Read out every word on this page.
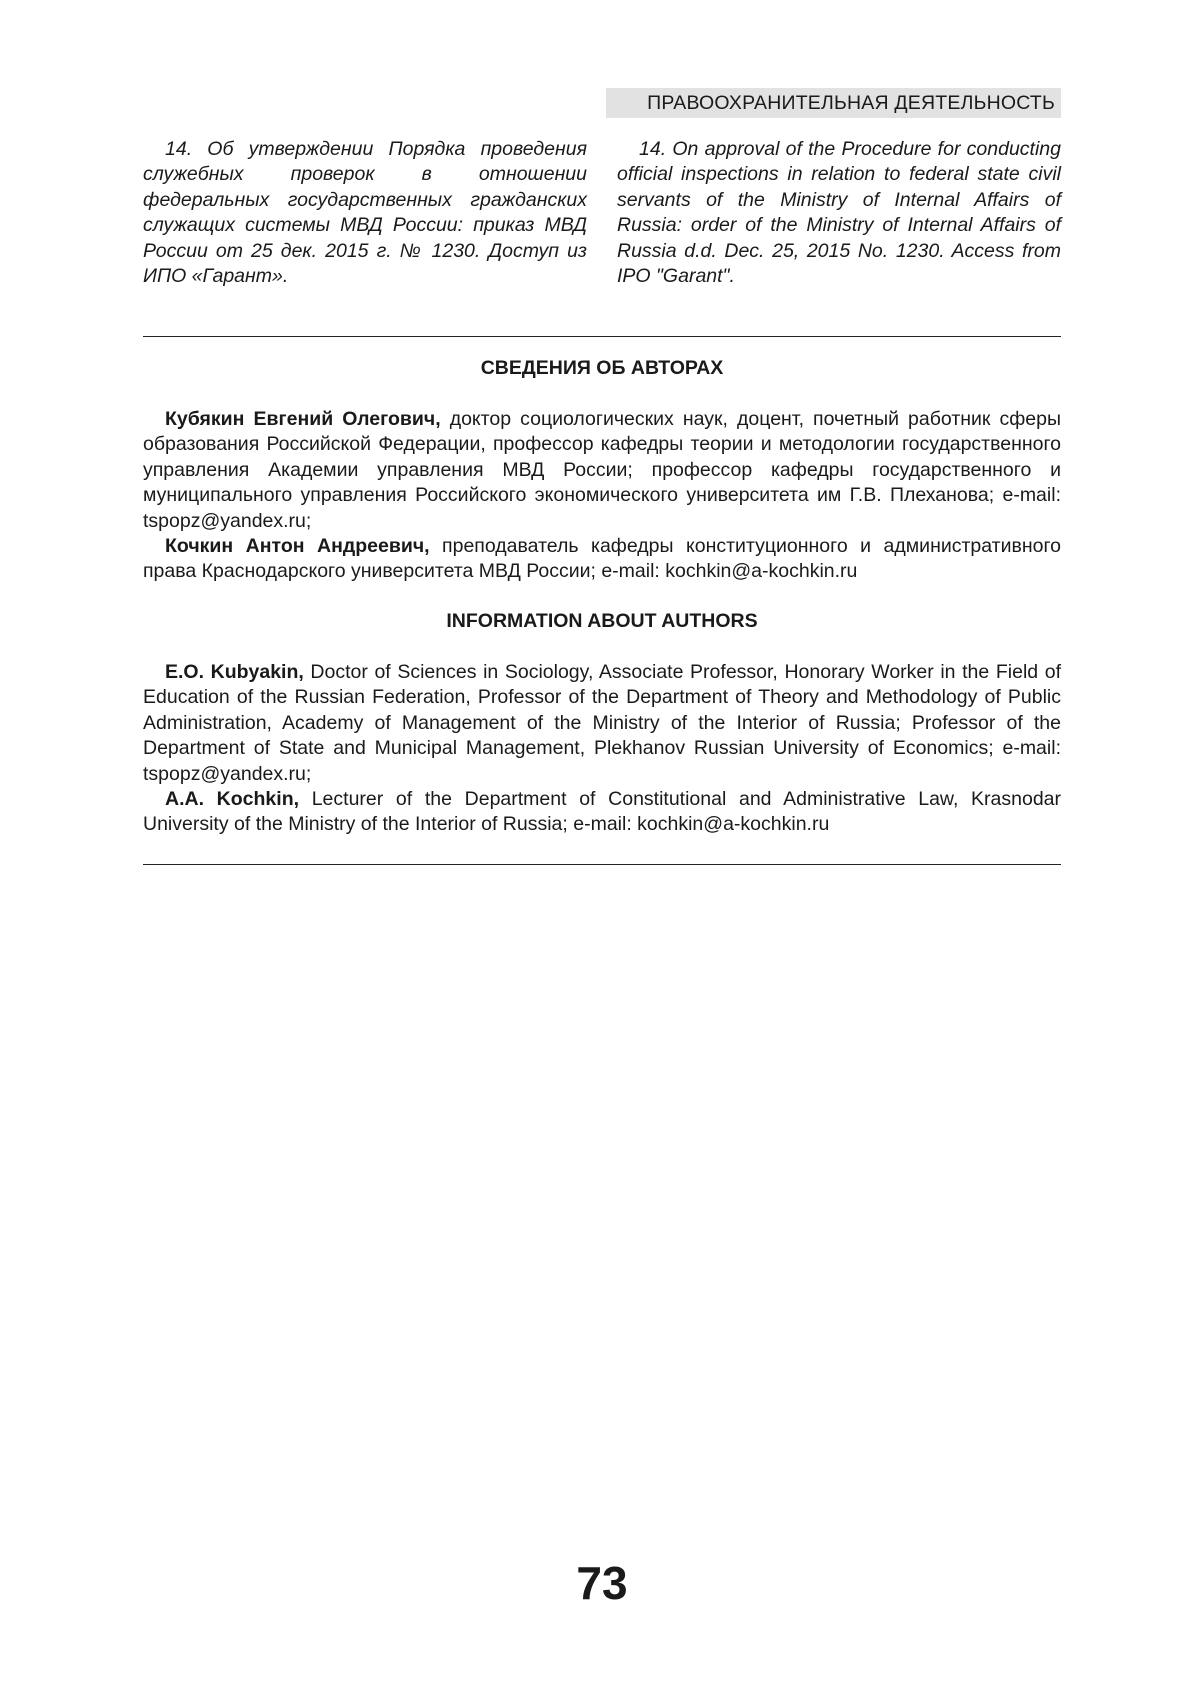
ПРАВООХРАНИТЕЛЬНАЯ ДЕЯТЕЛЬНОСТЬ

14. Об утверждении Порядка проведения служебных проверок в отношении федеральных государственных гражданских служащих системы МВД России: приказ МВД России от 25 дек. 2015 г. № 1230. Доступ из ИПО «Гарант».

14. On approval of the Procedure for conducting official inspections in relation to federal state civil servants of the Ministry of Internal Affairs of Russia: order of the Ministry of Internal Affairs of Russia d.d. Dec. 25, 2015 No. 1230. Access from IPO "Garant".

СВЕДЕНИЯ ОБ АВТОРАХ

Кубякин Евгений Олегович, доктор социологических наук, доцент, почетный работник сферы образования Российской Федерации, профессор кафедры теории и методологии государственного управления Академии управления МВД России; профессор кафедры государственного и муниципального управления Российского экономического университета им Г.В. Плеханова; e-mail: tspopz@yandex.ru;

Кочкин Антон Андреевич, преподаватель кафедры конституционного и административного права Краснодарского университета МВД России; e-mail: kochkin@a-kochkin.ru

INFORMATION ABOUT AUTHORS

E.O. Kubyakin, Doctor of Sciences in Sociology, Associate Professor, Honorary Worker in the Field of Education of the Russian Federation, Professor of the Department of Theory and Methodology of Public Administration, Academy of Management of the Ministry of the Interior of Russia; Professor of the Department of State and Municipal Management, Plekhanov Russian University of Economics; e-mail: tspopz@yandex.ru;

A.A. Kochkin, Lecturer of the Department of Constitutional and Administrative Law, Krasnodar University of the Ministry of the Interior of Russia; e-mail: kochkin@a-kochkin.ru

73
